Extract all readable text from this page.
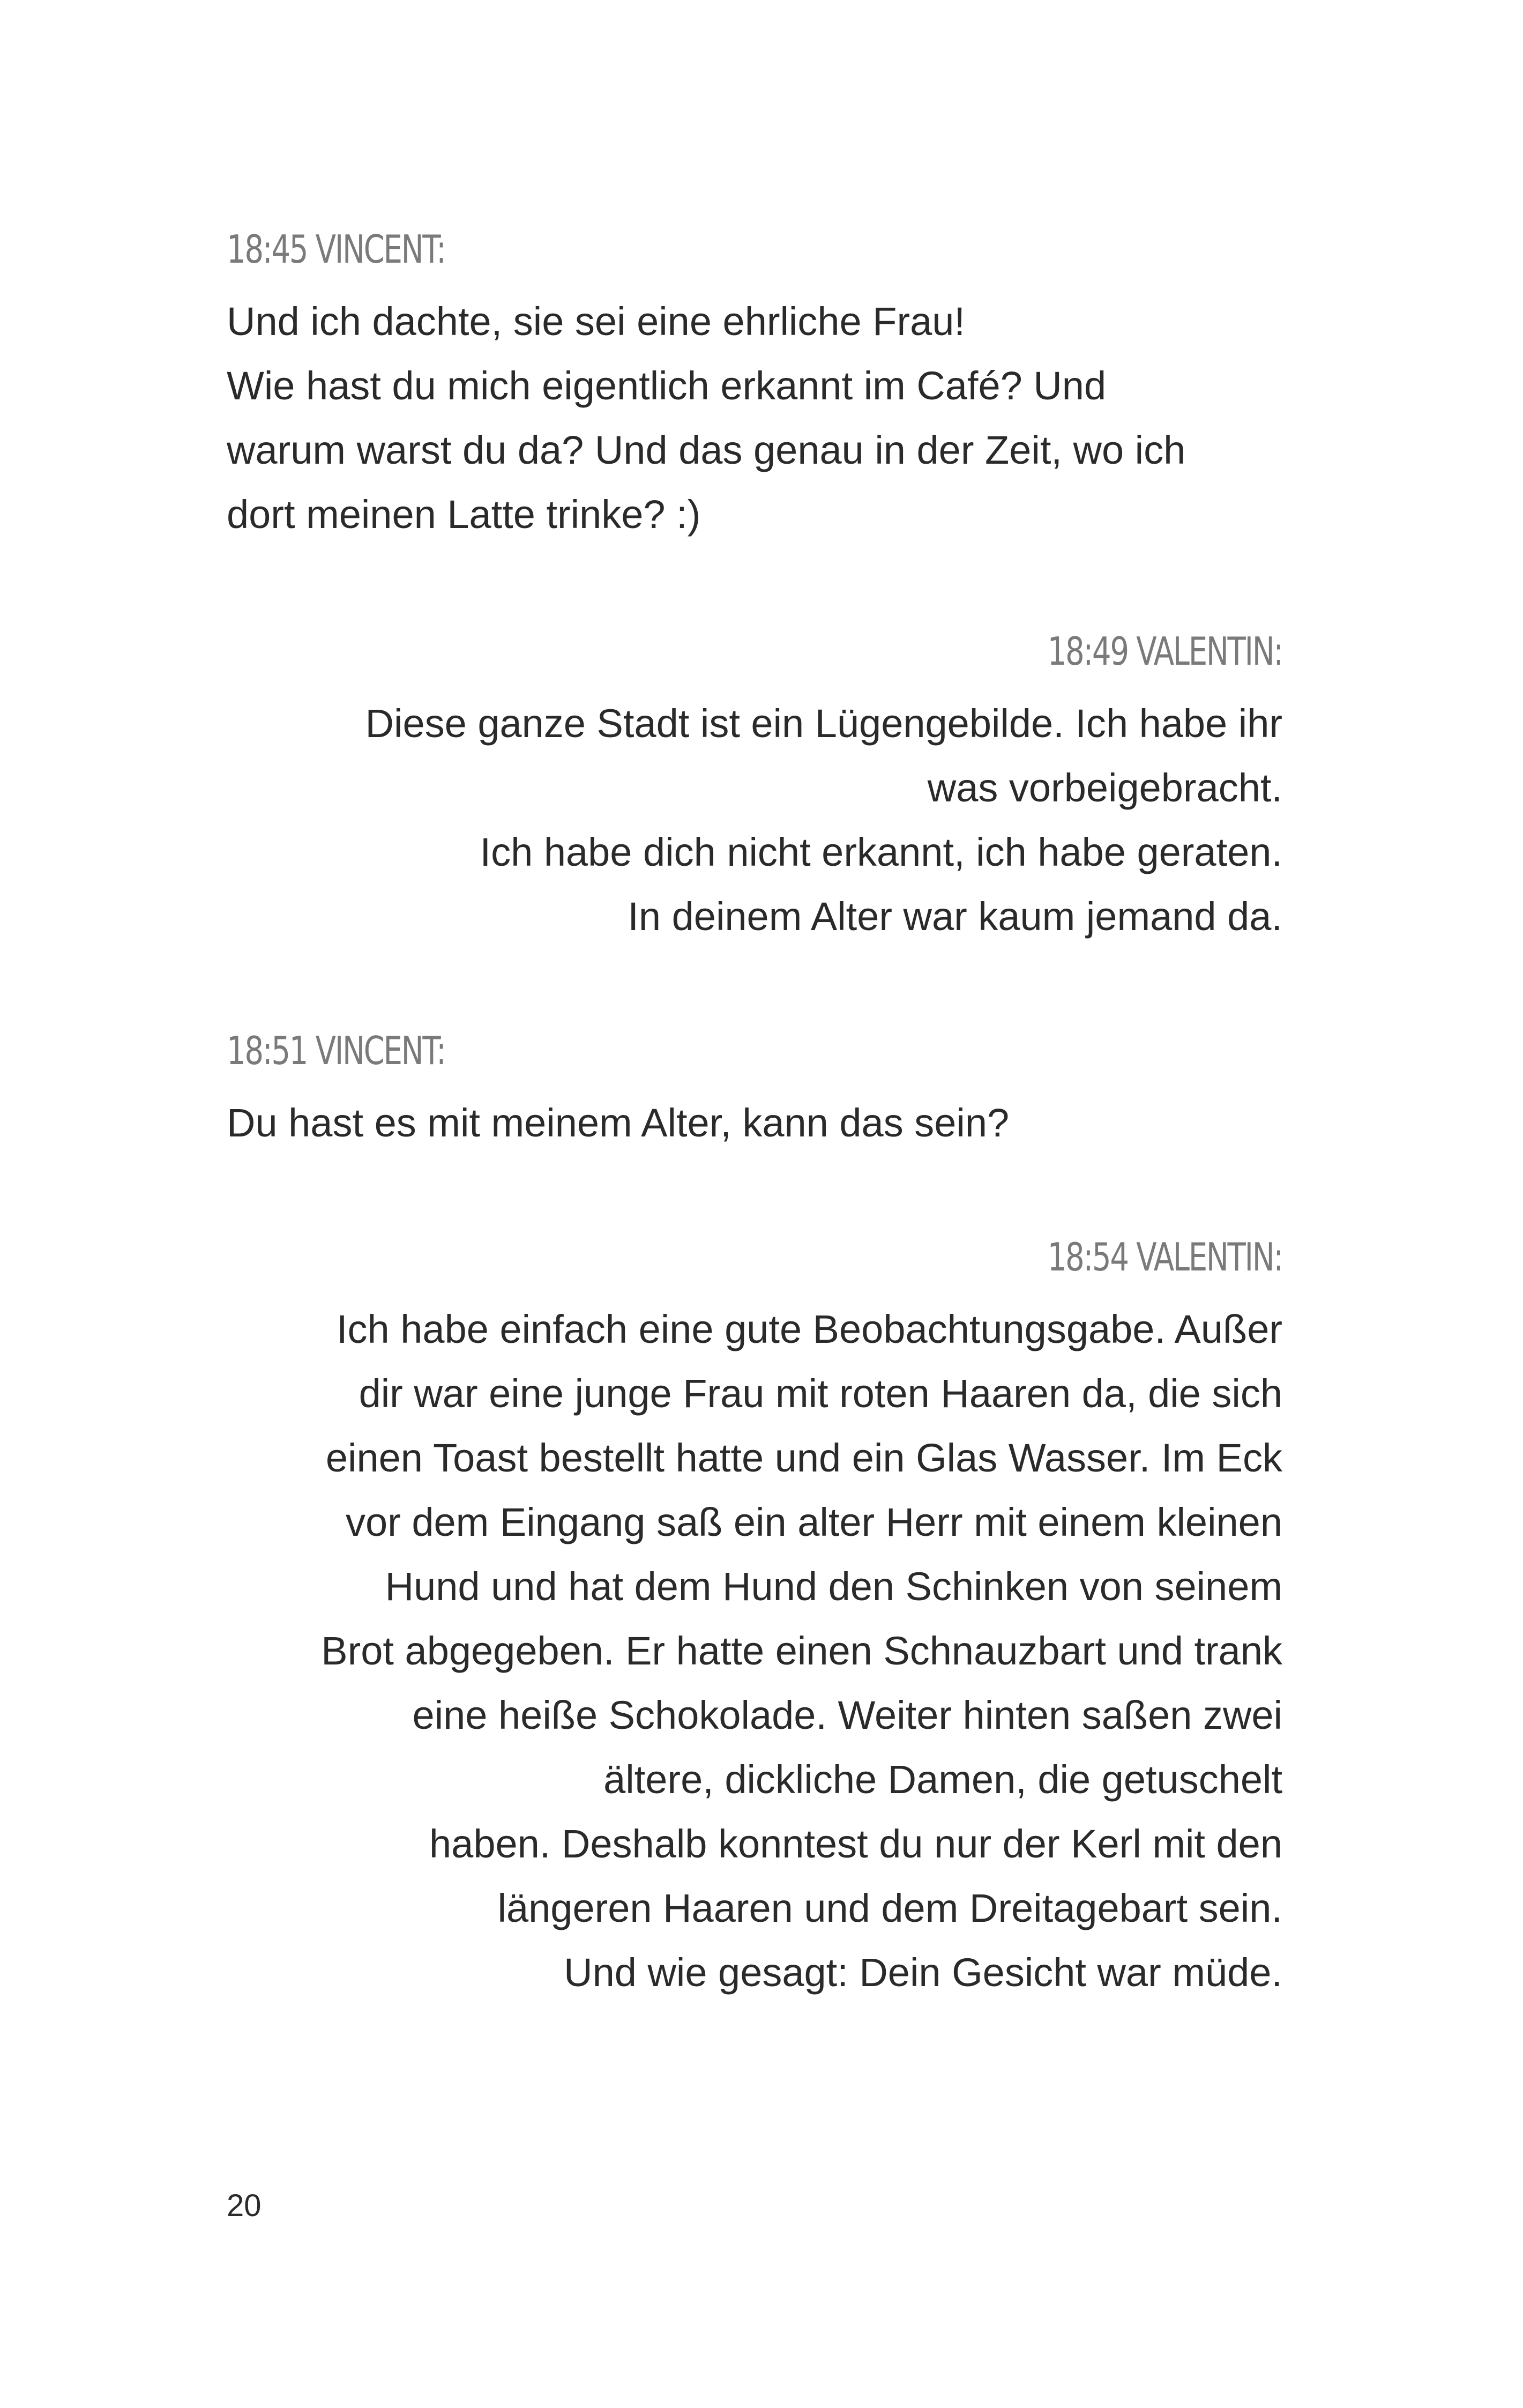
18:45 VINCENT:
Und ich dachte, sie sei eine ehrliche Frau!
Wie hast du mich eigentlich erkannt im Café? Und
warum warst du da? Und das genau in der Zeit, wo ich
dort meinen Latte trinke? :)
18:49 VALENTIN:
Diese ganze Stadt ist ein Lügengebilde. Ich habe ihr
was vorbeigebracht.
Ich habe dich nicht erkannt, ich habe geraten.
In deinem Alter war kaum jemand da.
18:51 VINCENT:
Du hast es mit meinem Alter, kann das sein?
18:54 VALENTIN:
Ich habe einfach eine gute Beobachtungsgabe. Außer
dir war eine junge Frau mit roten Haaren da, die sich
einen Toast bestellt hatte und ein Glas Wasser. Im Eck
vor dem Eingang saß ein alter Herr mit einem kleinen
Hund und hat dem Hund den Schinken von seinem
Brot abgegeben. Er hatte einen Schnauzbart und trank
eine heiße Schokolade. Weiter hinten saßen zwei
ältere, dickliche Damen, die getuschelt
haben. Deshalb konntest du nur der Kerl mit den
längeren Haaren und dem Dreitagebart sein.
Und wie gesagt: Dein Gesicht war müde.
20
